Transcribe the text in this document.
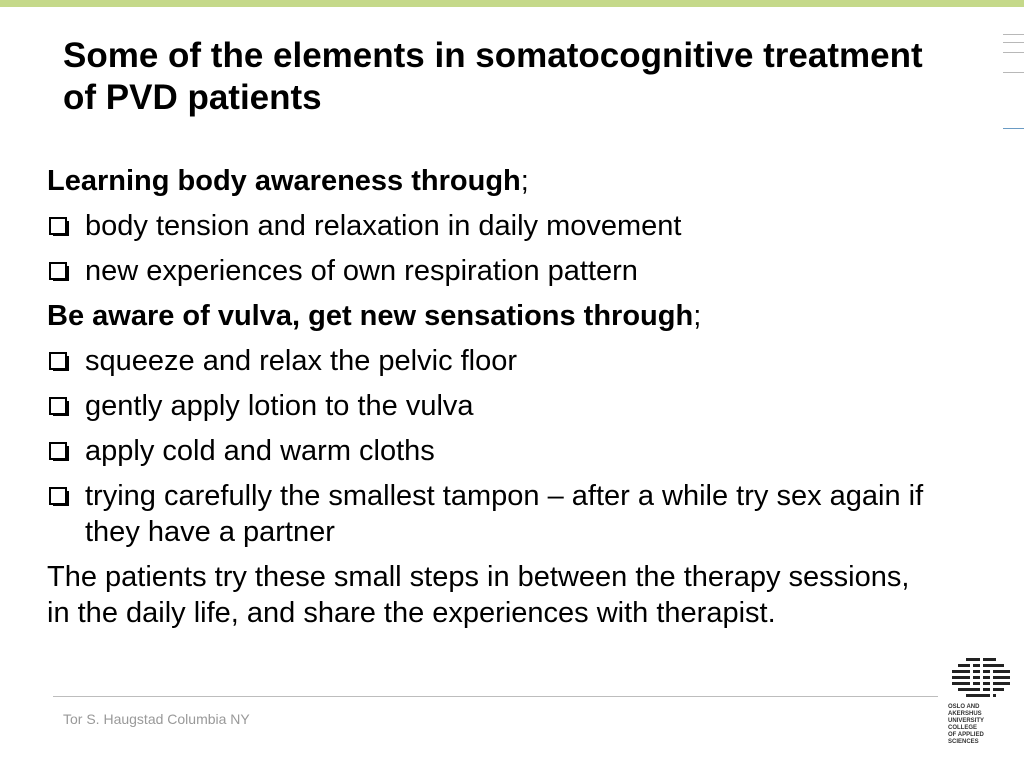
Some of the elements in somatocognitive treatment of PVD patients

Learning body awareness through;

body tension and relaxation in daily movement
new experiences of own respiration pattern

Be aware of vulva, get new sensations through;

squeeze and relax the pelvic floor
gently apply lotion to the vulva
apply cold and warm cloths
trying carefully the smallest tampon – after a while try sex again if they have a partner

The patients try these small steps in between the therapy sessions, in the daily life, and share the experiences with therapist.

Tor S. Haugstad Columbia NY
OSLO AND AKERSHUS
UNIVERSITY COLLEGE
OF APPLIED SCIENCES
